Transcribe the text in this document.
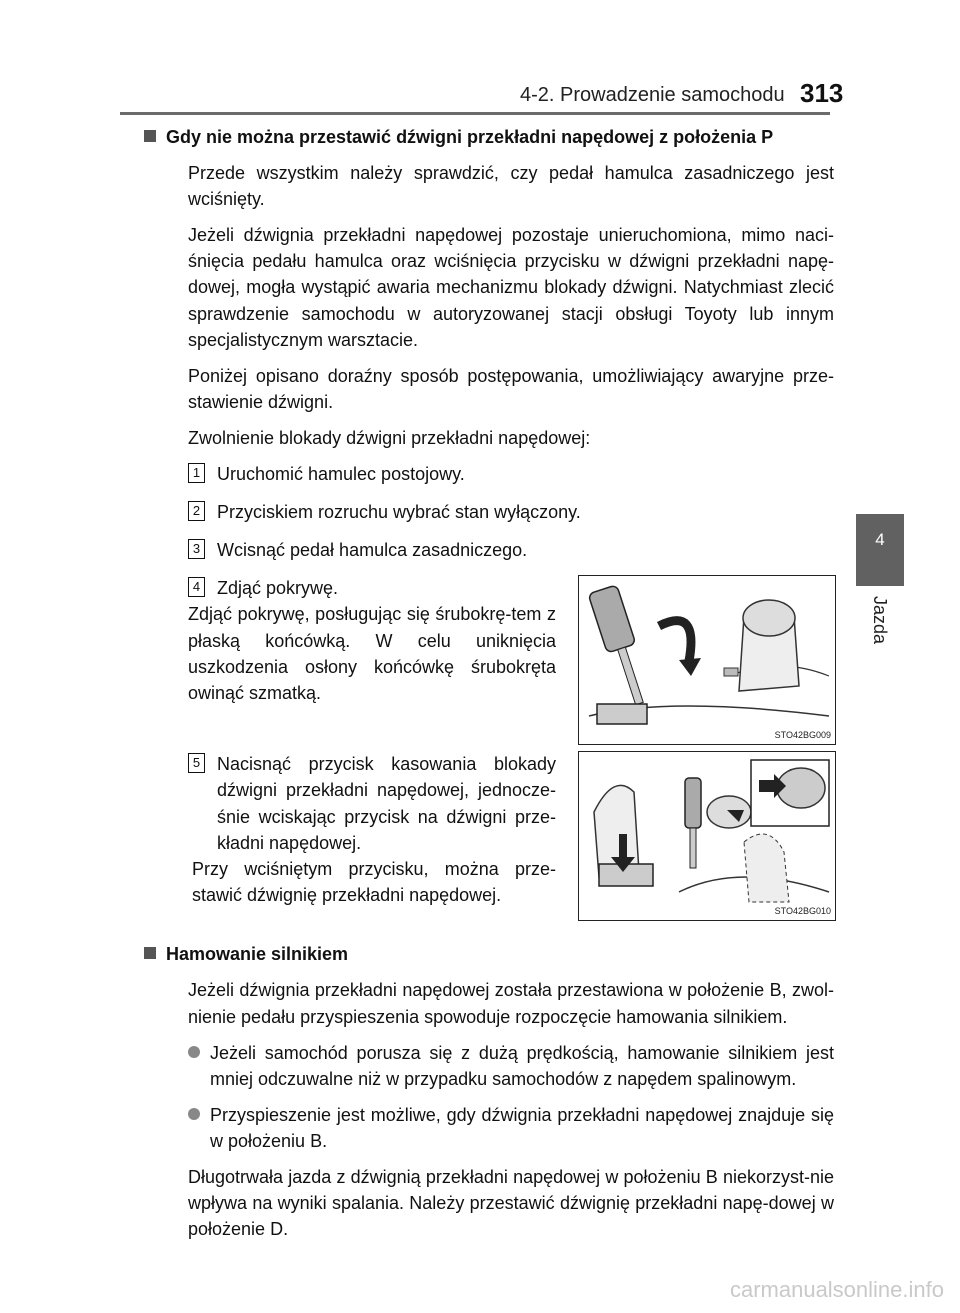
4-2. Prowadzenie samochodu 313
4
Jazda
Gdy nie można przestawić dźwigni przekładni napędowej z położenia P
Przede wszystkim należy sprawdzić, czy pedał hamulca zasadniczego jest wciśnięty.
Jeżeli dźwignia przekładni napędowej pozostaje unieruchomiona, mimo naci-śnięcia pedału hamulca oraz wciśnięcia przycisku w dźwigni przekładni napę-dowej, mogła wystąpić awaria mechanizmu blokady dźwigni. Natychmiast zlecić sprawdzenie samochodu w autoryzowanej stacji obsługi Toyoty lub innym specjalistycznym warsztacie.
Poniżej opisano doraźny sposób postępowania, umożliwiający awaryjne prze-stawienie dźwigni.
Zwolnienie blokady dźwigni przekładni napędowej:
1 Uruchomić hamulec postojowy.
2 Przyciskiem rozruchu wybrać stan wyłączony.
3 Wcisnąć pedał hamulca zasadniczego.
4 Zdjąć pokrywę.
Zdjąć pokrywę, posługując się śrubokrę-tem z płaską końcówką. W celu uniknięcia uszkodzenia osłony końcówkę śrubokręta owinąć szmatką.
STO42BG009
5 Nacisnąć przycisk kasowania blokady dźwigni przekładni napędowej, jednocze-śnie wciskając przycisk na dźwigni prze-kładni napędowej.
Przy wciśniętym przycisku, można prze-stawić dźwignię przekładni napędowej.
STO42BG010
Hamowanie silnikiem
Jeżeli dźwignia przekładni napędowej została przestawiona w położenie B, zwol-nienie pedału przyspieszenia spowoduje rozpoczęcie hamowania silnikiem.
Jeżeli samochód porusza się z dużą prędkością, hamowanie silnikiem jest mniej odczuwalne niż w przypadku samochodów z napędem spalinowym.
Przyspieszenie jest możliwe, gdy dźwignia przekładni napędowej znajduje się w położeniu B.
Długotrwała jazda z dźwignią przekładni napędowej w położeniu B niekorzyst-nie wpływa na wyniki spalania. Należy przestawić dźwignię przekładni napę-dowej w położenie D.
carmanualsonline.info
